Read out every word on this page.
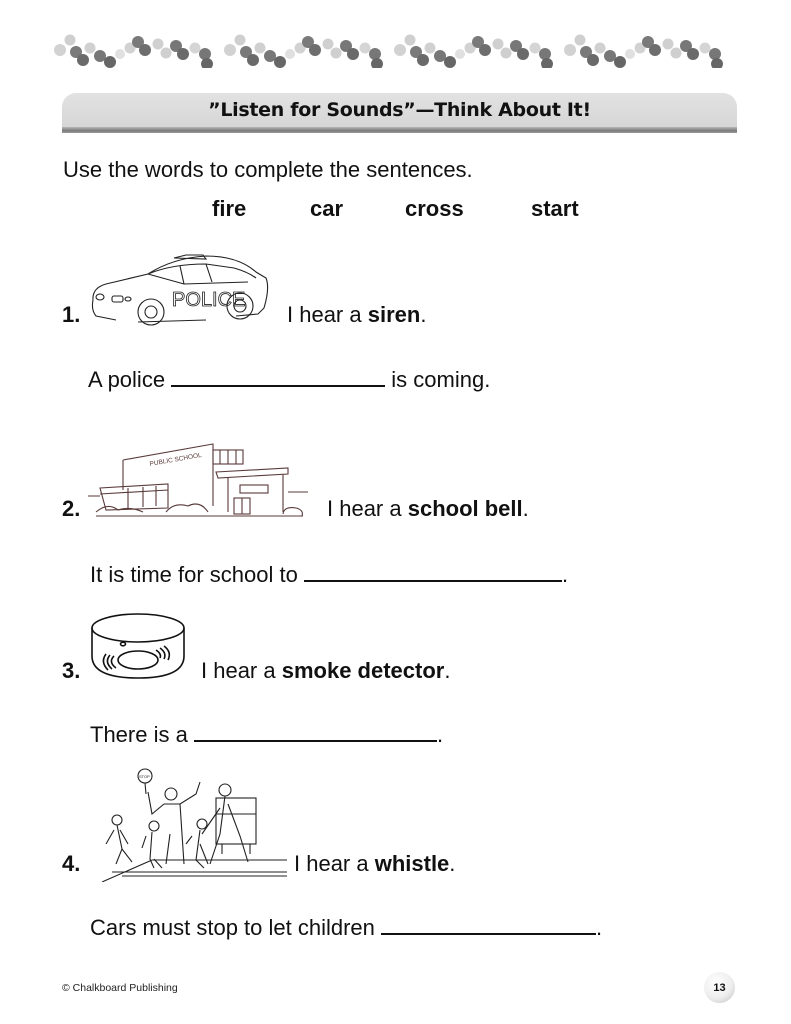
”Listen for Sounds”—Think About It!
Use the words to complete the sentences.
fire	car	cross	start
1.
POLICE
I hear a siren.
A police	is coming.
2.
PUBLIC SCHOOL
I hear a school bell.
It is time for school to	.
3.	I hear a smoke detector.
There is a	.
4.
STOP
I hear a whistle.
Cars must stop to let children	.
© Chalkboard Publishing	13
